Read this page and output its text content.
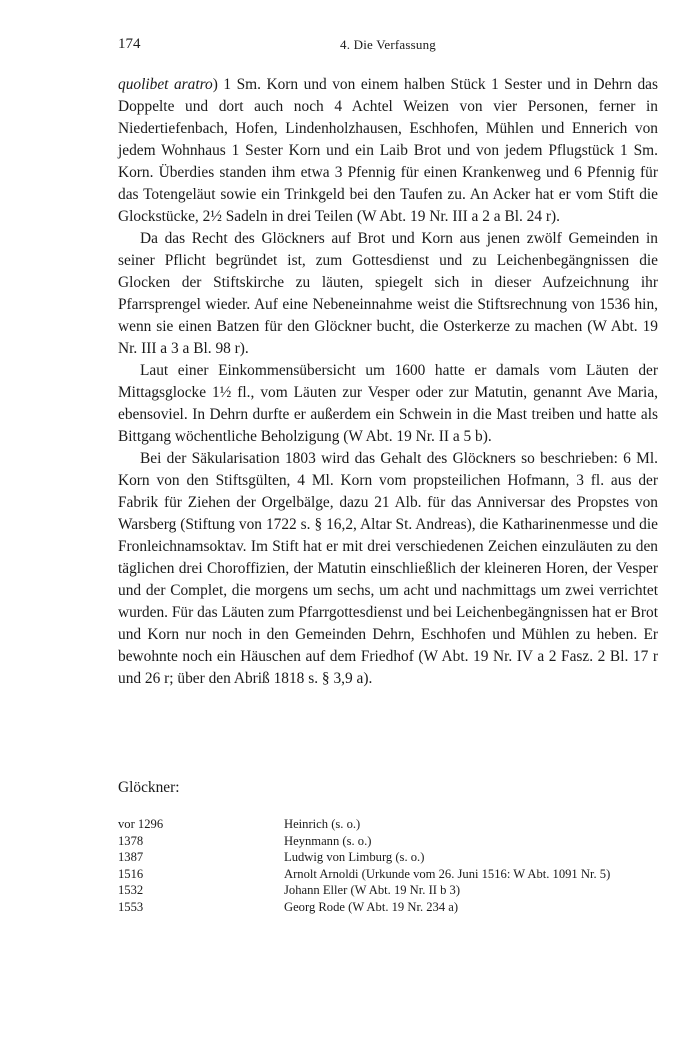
174	4. Die Verfassung

quolibet aratro) 1 Sm. Korn und von einem halben Stück 1 Sester und in Dehrn das Doppelte und dort auch noch 4 Achtel Weizen von vier Personen, ferner in Niedertiefenbach, Hofen, Lindenholzhausen, Eschhofen, Mühlen und Ennerich von jedem Wohnhaus 1 Sester Korn und ein Laib Brot und von jedem Pflugstück 1 Sm. Korn. Überdies standen ihm etwa 3 Pfennig für einen Krankenweg und 6 Pfennig für das Totengeläut sowie ein Trinkgeld bei den Taufen zu. An Acker hat er vom Stift die Glockstücke, 2½ Sadeln in drei Teilen (W Abt. 19 Nr. III a 2 a Bl. 24 r).

Da das Recht des Glöckners auf Brot und Korn aus jenen zwölf Gemeinden in seiner Pflicht begründet ist, zum Gottesdienst und zu Leichenbegängnissen die Glocken der Stiftskirche zu läuten, spiegelt sich in dieser Aufzeichnung ihr Pfarrsprengel wieder. Auf eine Nebeneinnahme weist die Stiftsrechnung von 1536 hin, wenn sie einen Batzen für den Glöckner bucht, die Osterkerze zu machen (W Abt. 19 Nr. III a 3 a Bl. 98 r).

Laut einer Einkommensübersicht um 1600 hatte er damals vom Läuten der Mittagsglocke 1½ fl., vom Läuten zur Vesper oder zur Matutin, genannt Ave Maria, ebensoviel. In Dehrn durfte er außerdem ein Schwein in die Mast treiben und hatte als Bittgang wöchentliche Beholzigung (W Abt. 19 Nr. II a 5 b).

Bei der Säkularisation 1803 wird das Gehalt des Glöckners so beschrieben: 6 Ml. Korn von den Stiftsgülten, 4 Ml. Korn vom propsteilichen Hofmann, 3 fl. aus der Fabrik für Ziehen der Orgelbälge, dazu 21 Alb. für das Anniversar des Propstes von Warsberg (Stiftung von 1722 s. § 16,2, Altar St. Andreas), die Katharinenmesse und die Fronleichnamsoktav. Im Stift hat er mit drei verschiedenen Zeichen einzuläuten zu den täglichen drei Choroffizien, der Matutin einschließlich der kleineren Horen, der Vesper und der Complet, die morgens um sechs, um acht und nachmittags um zwei verrichtet wurden. Für das Läuten zum Pfarrgottesdienst und bei Leichenbegängnissen hat er Brot und Korn nur noch in den Gemeinden Dehrn, Eschhofen und Mühlen zu heben. Er bewohnte noch ein Häuschen auf dem Friedhof (W Abt. 19 Nr. IV a 2 Fasz. 2 Bl. 17 r und 26 r; über den Abriß 1818 s. § 3,9 a).

Glöckner:
vor 1296	Heinrich (s. o.)
1378	Heynmann (s. o.)
1387	Ludwig von Limburg (s. o.)
1516	Arnolt Arnoldi (Urkunde vom 26. Juni 1516: W Abt. 1091 Nr. 5)
1532	Johann Eller (W Abt. 19 Nr. II b 3)
1553	Georg Rode (W Abt. 19 Nr. 234 a)
